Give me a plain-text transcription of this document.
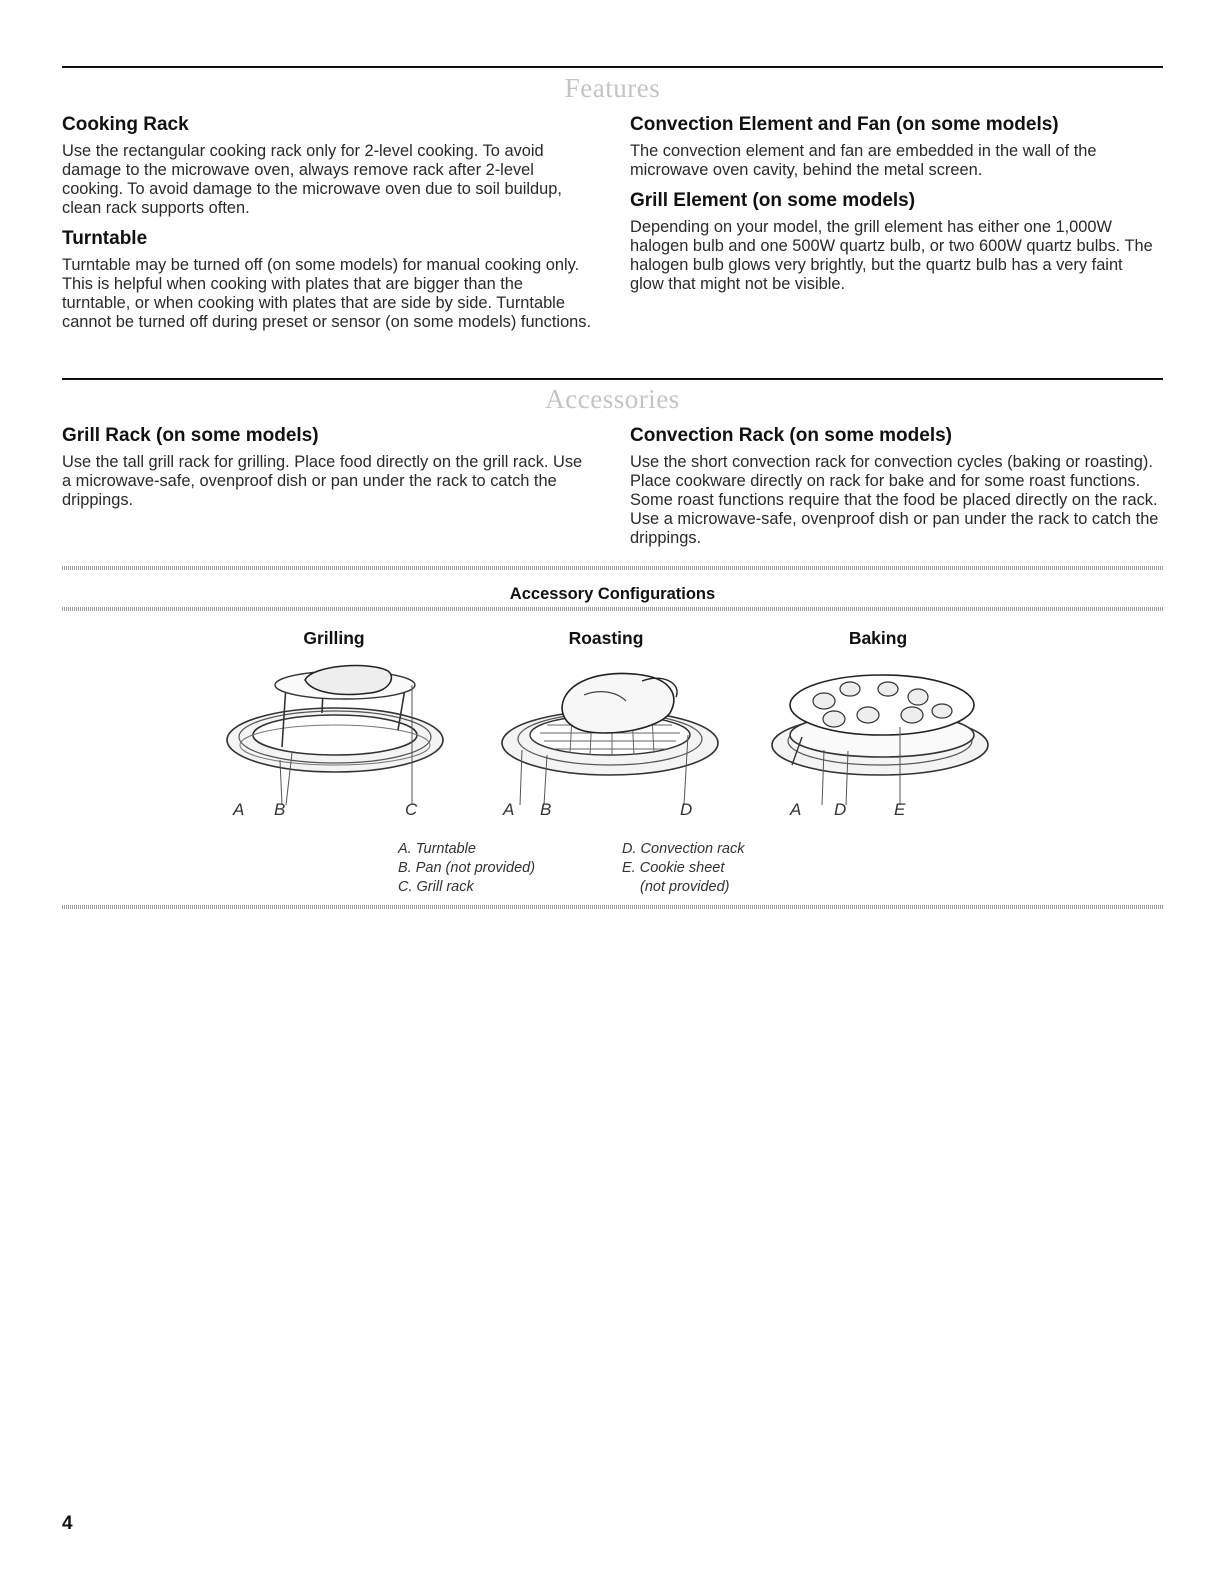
Features
Cooking Rack

Use the rectangular cooking rack only for 2-level cooking. To avoid damage to the microwave oven, always remove rack after 2-level cooking. To avoid damage to the microwave oven due to soil buildup, clean rack supports often.

Turntable

Turntable may be turned off (on some models) for manual cooking only. This is helpful when cooking with plates that are bigger than the turntable, or when cooking with plates that are side by side. Turntable cannot be turned off during preset or sensor (on some models) functions.

Convection Element and Fan (on some models)

The convection element and fan are embedded in the wall of the microwave oven cavity, behind the metal screen.

Grill Element (on some models)

Depending on your model, the grill element has either one 1,000W halogen bulb and one 500W quartz bulb, or two 600W quartz bulbs. The halogen bulb glows very brightly, but the quartz bulb has a very faint glow that might not be visible.

Accessories
Grill Rack (on some models)

Use the tall grill rack for grilling. Place food directly on the grill rack. Use a microwave-safe, ovenproof dish or pan under the rack to catch the drippings.

Convection Rack (on some models)

Use the short convection rack for convection cycles (baking or roasting). Place cookware directly on rack for bake and for some roast functions. Some roast functions require that the food be placed directly on the rack. Use a microwave-safe, ovenproof dish or pan under the rack to catch the drippings.

Accessory Configurations
Grilling	Roasting	Baking
A B	C	A B	D	A D	E
A. Turntable
B. Pan (not provided)
C. Grill rack
D. Convection rack
E. Cookie sheet
(not provided)
4
